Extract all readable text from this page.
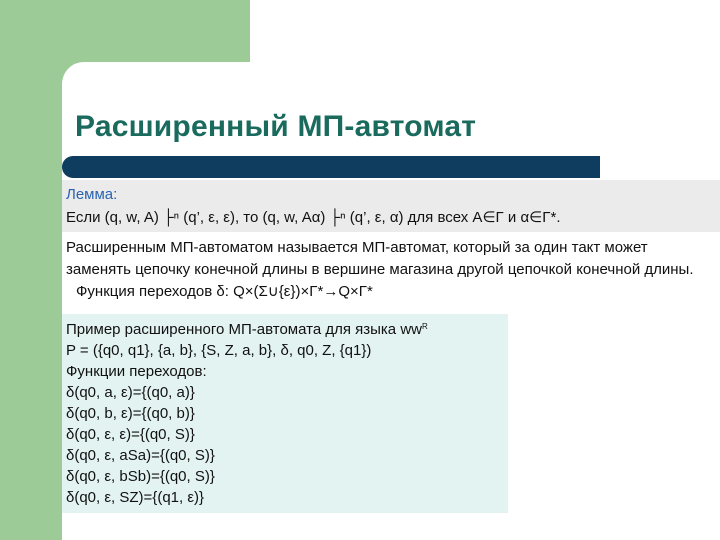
Расширенный МП-автомат
Лемма:
Если (q, w, A) ├ⁿ (q’, ε, ε), то (q, w, Aα) ├ⁿ (q’, ε, α) для всех A∈Γ и α∈Γ*.
Расширенным МП-автоматом называется МП-автомат, который за один такт может заменять цепочку конечной длины в вершине магазина другой цепочкой конечной длины. Функция переходов δ: Q×(Σ∪{ε})×Γ*→Q×Γ*
Пример расширенного МП-автомата для языка $ww^R$
P = ({q0, q1}, {a, b}, {S, Z, a, b}, δ, q0, Z, {q1})
Функции переходов:
δ(q0, a, ε)={(q0, a)}
δ(q0, b, ε)={(q0, b)}
δ(q0, ε, ε)={(q0, S)}
δ(q0, ε, aSa)={(q0, S)}
δ(q0, ε, bSb)={(q0, S)}
δ(q0, ε, SZ)={(q1, ε)}
